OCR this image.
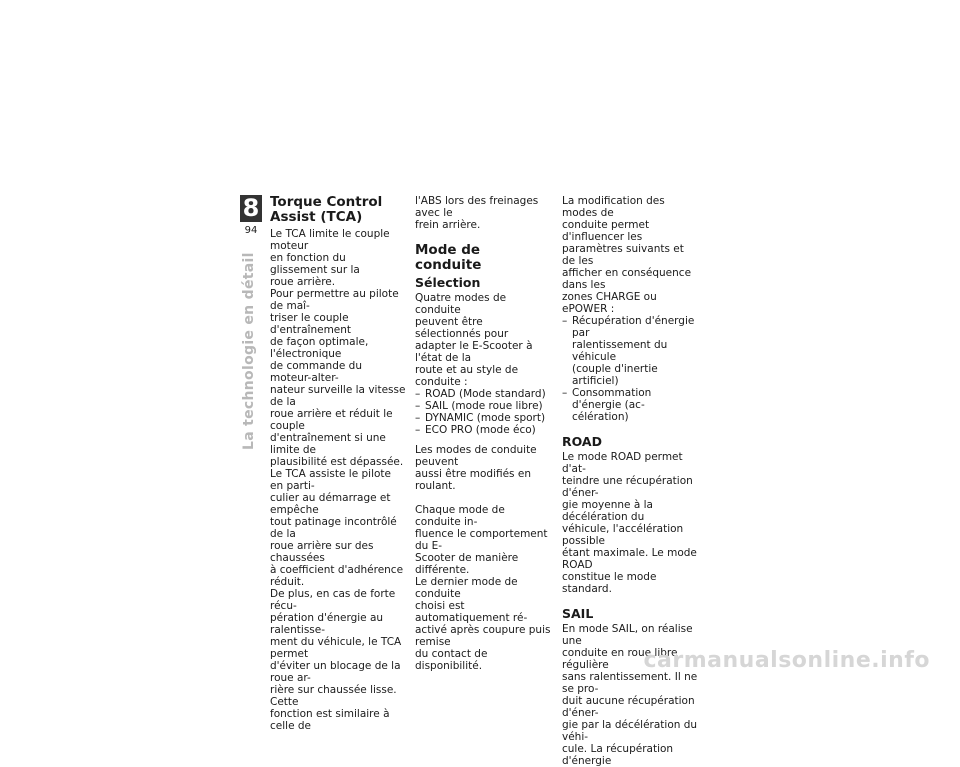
8
94
La technologie en détail
Torque Control Assist (TCA)

Le TCA limite le couple moteur
en fonction du glissement sur la
roue arrière.

Pour permettre au pilote de maî-
triser le couple d'entraînement
de façon optimale, l'électronique
de commande du moteur-alter-
nateur surveille la vitesse de la
roue arrière et réduit le couple
d'entraînement si une limite de
plausibilité est dépassée.

Le TCA assiste le pilote en parti-
culier au démarrage et empêche
tout patinage incontrôlé de la
roue arrière sur des chaussées
à coefficient d'adhérence réduit.

De plus, en cas de forte récu-
pération d'énergie au ralentisse-
ment du véhicule, le TCA permet
d'éviter un blocage de la roue ar-
rière sur chaussée lisse. Cette
fonction est similaire à celle de

l'ABS lors des freinages avec le
frein arrière.

Mode de conduite
Sélection

Quatre modes de conduite
peuvent être sélectionnés pour
adapter le E-Scooter à l'état de la
route et au style de conduite :

– ROAD (Mode standard)
– SAIL (mode roue libre)
– DYNAMIC (mode sport)
– ECO PRO (mode éco)

Les modes de conduite peuvent
aussi être modifiés en roulant.

Chaque mode de conduite in-
fluence le comportement du E-
Scooter de manière différente.
Le dernier mode de conduite
choisi est automatiquement ré-
activé après coupure puis remise
du contact de disponibilité.

La modification des modes de
conduite permet d'influencer les
paramètres suivants et de les
afficher en conséquence dans les
zones CHARGE ou ePOWER :

– Récupération d'énergie par
ralentissement du véhicule
(couple d'inertie artificiel)
– Consommation d'énergie (ac-
célération)
ROAD

Le mode ROAD permet d'at-
teindre une récupération d'éner-
gie moyenne à la décélération du
véhicule, l'accélération possible
étant maximale. Le mode ROAD
constitue le mode standard.

SAIL

En mode SAIL, on réalise une
conduite en roue libre régulière
sans ralentissement. Il ne se pro-
duit aucune récupération d'éner-
gie par la décélération du véhi-
cule. La récupération d'énergie

carmanualsonline.info
